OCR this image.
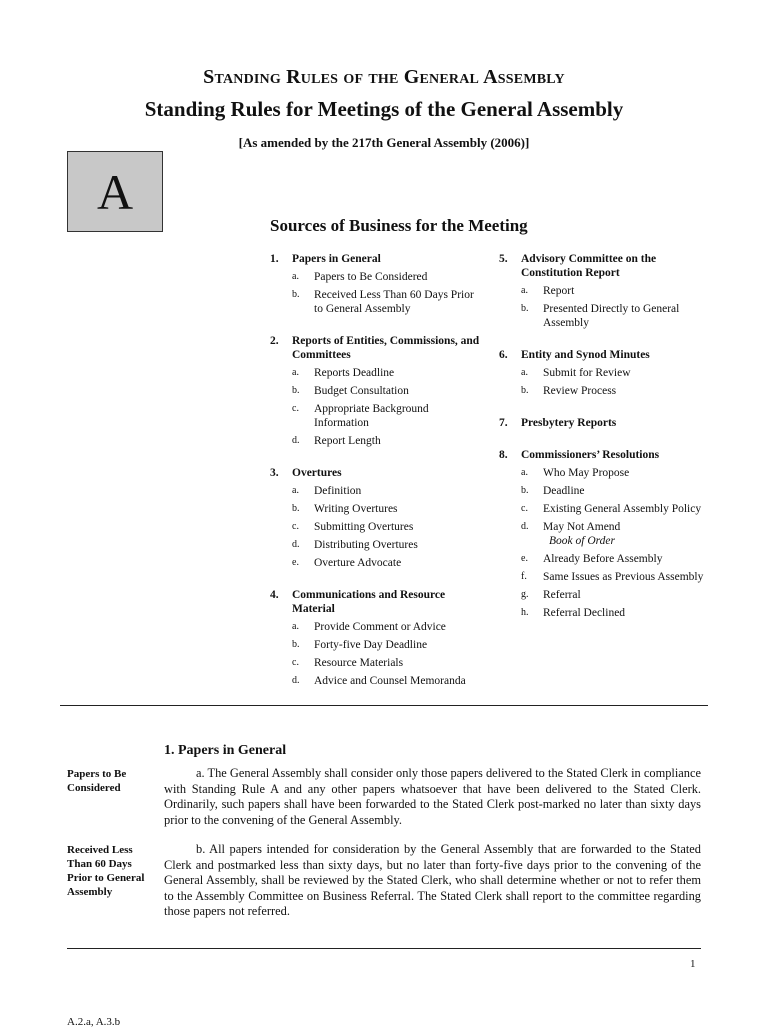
Standing Rules of the General Assembly
Standing Rules for Meetings of the General Assembly
[As amended by the 217th General Assembly (2006)]
A
Sources of Business for the Meeting
1.	Papers in General
a.	Papers to Be Considered
b.	Received Less Than 60 Days Prior to General Assembly
2.	Reports of Entities, Commissions, and Committees
a.	Reports Deadline
b.	Budget Consultation
c.	Appropriate Background Information
d.	Report Length
3.	Overtures
a.	Definition
b.	Writing Overtures
c.	Submitting Overtures
d.	Distributing Overtures
e.	Overture Advocate
4.	Communications and Resource Material
a.	Provide Comment or Advice
b.	Forty-five Day Deadline
c.	Resource Materials
d.	Advice and Counsel Memoranda
5.	Advisory Committee on the Constitution Report
a.	Report
b.	Presented Directly to General Assembly
6.	Entity and Synod Minutes
a.	Submit for Review
b.	Review Process
7.	Presbytery Reports
8.	Commissioners’ Resolutions
a.	Who May Propose
b.	Deadline
c.	Existing General Assembly Policy
d.	May Not Amend
Book of Order
e.	Already Before Assembly
f.	Same Issues as Previous Assembly
g.	Referral
h.	Referral Declined
1. Papers in General
Papers to Be Considered
a. The General Assembly shall consider only those papers delivered to the Stated Clerk in compliance with Standing Rule A and any other papers whatsoever that have been delivered to the Stated Clerk. Ordinarily, such papers shall have been forwarded to the Stated Clerk post-marked no later than sixty days prior to the convening of the General Assembly.
Received Less Than 60 Days Prior to General Assembly
b. All papers intended for consideration by the General Assembly that are forwarded to the Stated Clerk and postmarked less than sixty days, but no later than forty-five days prior to the convening of the General Assembly, shall be reviewed by the Stated Clerk, who shall determine whether or not to refer them to the Assembly Committee on Business Referral. The Stated Clerk shall report to the committee regarding those papers not referred.
1
A.2.a, A.3.b
